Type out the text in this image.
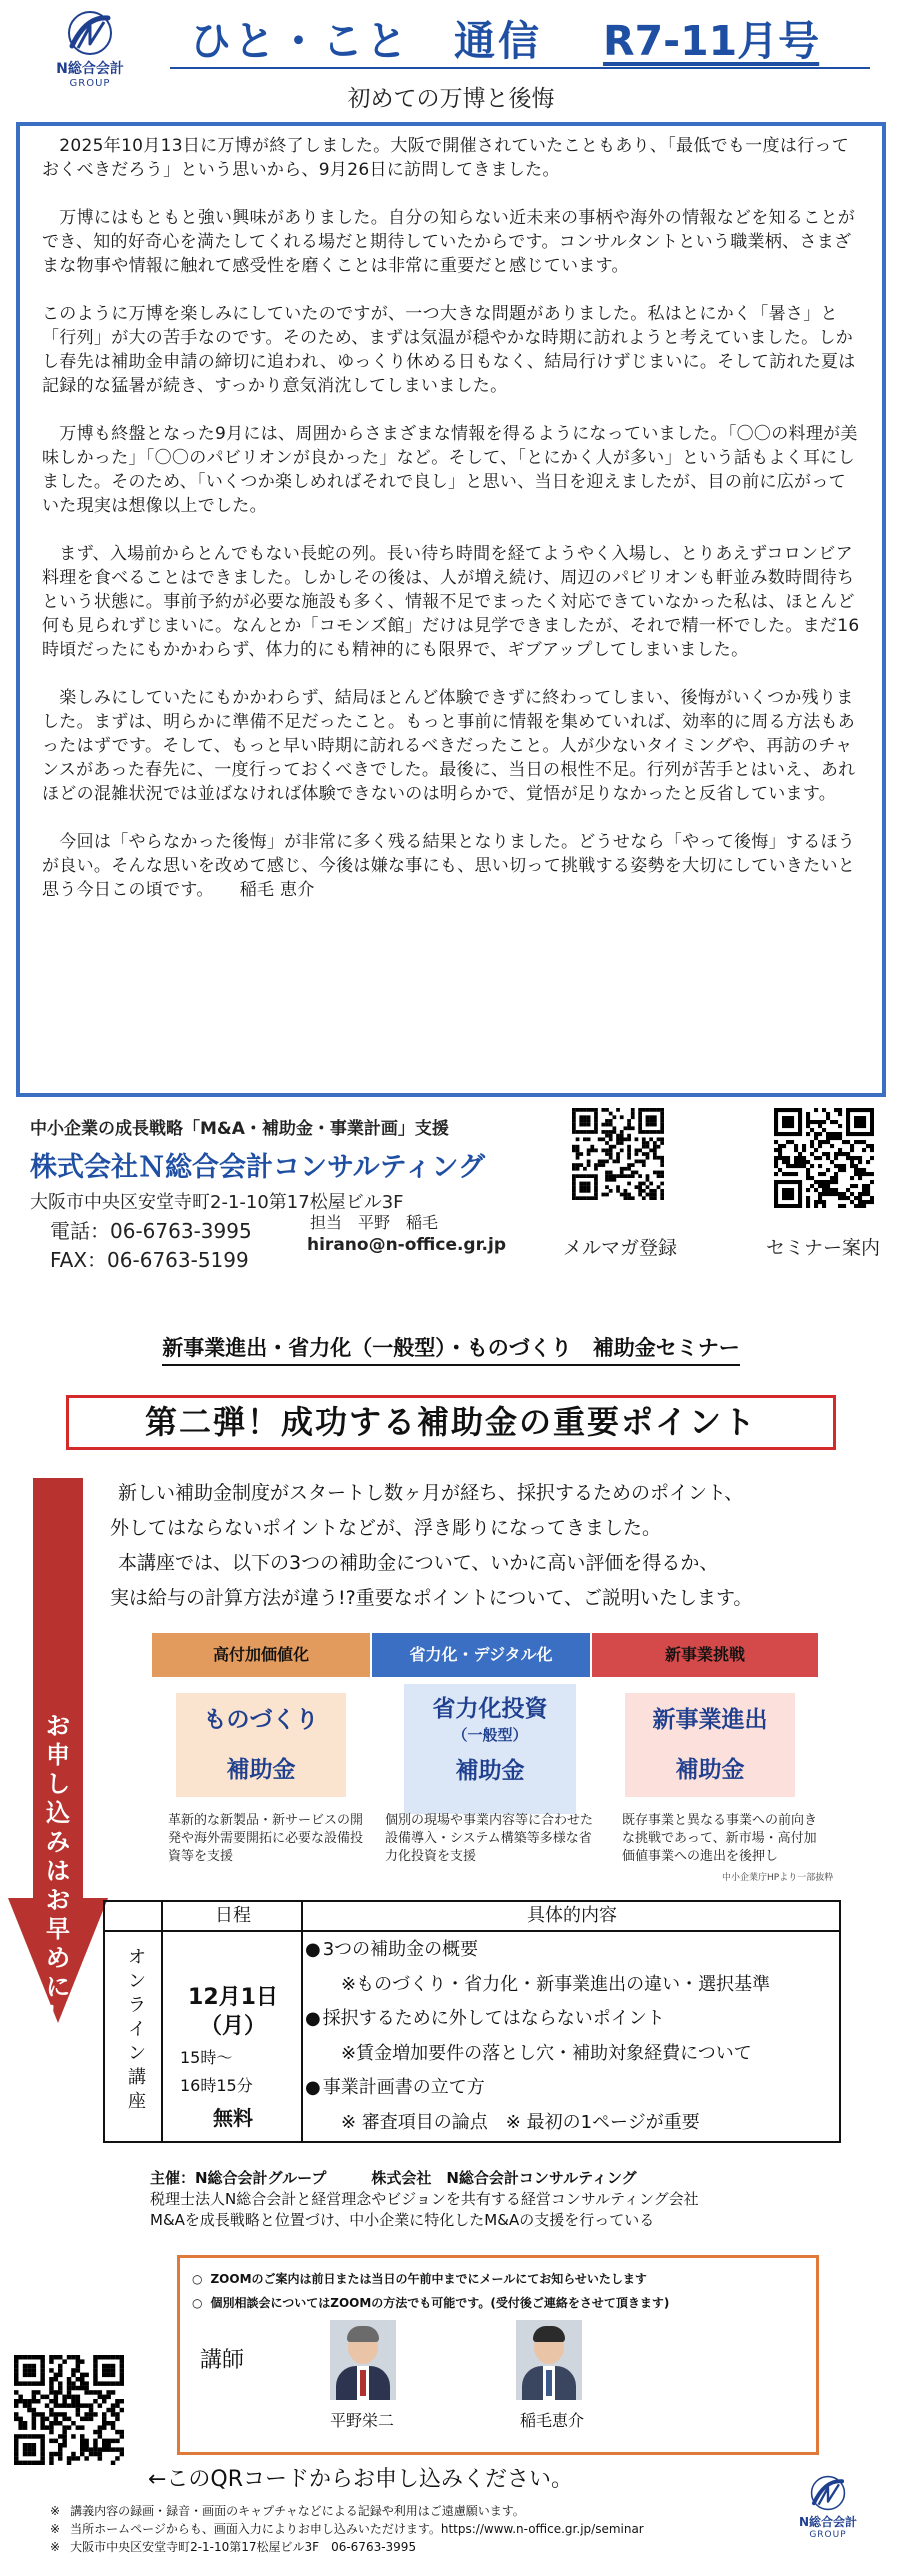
N総合会計
GROUP
ひと・こと　通信 R7-11月号
初めての万博と後悔

　2025年10月13日に万博が終了しました。大阪で開催されていたこともあり、「最低でも一度は行っておくべきだろう」という思いから、9月26日に訪問してきました。

　万博にはもともと強い興味がありました。自分の知らない近未来の事柄や海外の情報などを知ることができ、知的好奇心を満たしてくれる場だと期待していたからです。コンサルタントという職業柄、さまざまな物事や情報に触れて感受性を磨くことは非常に重要だと感じています。

このように万博を楽しみにしていたのですが、一つ大きな問題がありました。私はとにかく「暑さ」と「行列」が大の苦手なのです。そのため、まずは気温が穏やかな時期に訪れようと考えていました。しかし春先は補助金申請の締切に追われ、ゆっくり休める日もなく、結局行けずじまいに。そして訪れた夏は記録的な猛暑が続き、すっかり意気消沈してしまいました。

　万博も終盤となった9月には、周囲からさまざまな情報を得るようになっていました。「〇〇の料理が美味しかった」「〇〇のパビリオンが良かった」など。そして、「とにかく人が多い」という話もよく耳にしました。そのため、「いくつか楽しめればそれで良し」と思い、当日を迎えましたが、目の前に広がっていた現実は想像以上でした。

　まず、入場前からとんでもない長蛇の列。長い待ち時間を経てようやく入場し、とりあえずコロンビア料理を食べることはできました。しかしその後は、人が増え続け、周辺のパビリオンも軒並み数時間待ちという状態に。事前予約が必要な施設も多く、情報不足でまったく対応できていなかった私は、ほとんど何も見られずじまいに。なんとか「コモンズ館」だけは見学できましたが、それで精一杯でした。まだ16時頃だったにもかかわらず、体力的にも精神的にも限界で、ギブアップしてしまいました。

　楽しみにしていたにもかかわらず、結局ほとんど体験できずに終わってしまい、後悔がいくつか残りました。まずは、明らかに準備不足だったこと。もっと事前に情報を集めていれば、効率的に周る方法もあったはずです。そして、もっと早い時期に訪れるべきだったこと。人が少ないタイミングや、再訪のチャンスがあった春先に、一度行っておくべきでした。最後に、当日の根性不足。行列が苦手とはいえ、あれほどの混雑状況では並ばなければ体験できないのは明らかで、覚悟が足りなかったと反省しています。

　今回は「やらなかった後悔」が非常に多く残る結果となりました。どうせなら「やって後悔」するほうが良い。そんな思いを改めて感じ、今後は嫌な事にも、思い切って挑戦する姿勢を大切にしていきたいと思う今日この頃です。　　稲毛 恵介

中小企業の成長戦略「M&A・補助金・事業計画」支援
株式会社Ｎ総合会計コンサルティング
大阪市中央区安堂寺町2-1-10第17松屋ビル3F
電話：06-6763-3995
FAX：06-6763-5199
担当　平野　稲毛
hirano@n-office.gr.jp	メルマガ登録	セミナー案内
新事業進出・省力化（一般型）・ものづくり　補助金セミナー
第二弾！成功する補助金の重要ポイント
お
申
し
込
み
は
お
早
め
に
！

新しい補助金制度がスタートし数ヶ月が経ち、採択するためのポイント、

外してはならないポイントなどが、浮き彫りになってきました。

本講座では、以下の3つの補助金について、いかに高い評価を得るか、

実は給与の計算方法が違う!?重要なポイントについて、ご説明いたします。

高付加価値化	省力化・デジタル化	新事業挑戦
ものづくり
補助金
省力化投資
（一般型）
補助金
新事業進出
補助金
革新的な新製品・新サービスの開発や海外需要開拓に必要な設備投資等を支援
個別の現場や事業内容等に合わせた設備導入・システム構築等多様な省力化投資を支援
既存事業と異なる事業への前向きな挑戦であって、新市場・高付加価値事業への進出を後押し
中小企業庁HPより一部抜粋
日程	具体的内容
オ
ン
ラ
イ
ン
講
座
12月1日
（月）
15時～
16時15分
無料
● 3つの補助金の概要
※ものづくり・省力化・新事業進出の違い・選択基準
● 採択するために外してはならないポイント
※賃金増加要件の落とし穴・補助対象経費について
● 事業計画書の立て方
※ 審査項目の論点　※ 最初の1ページが重要

主催：N総合会計グループ　　　株式会社　N総合会計コンサルティング

税理士法人N総合会計と経営理念やビジョンを共有する経営コンサルティング会社

M&Aを成長戦略と位置づけ、中小企業に特化したM&Aの支援を行っている

○ ZOOMのご案内は前日または当日の午前中までにメールにてお知らせいたします
○ 個別相談会についてはZOOMの方法でも可能です。(受付後ご連絡をさせて頂きます)
講師
平野栄二	稲毛恵介
←このQRコードからお申し込みください。
※ 講義内容の録画・録音・画面のキャプチャなどによる記録や利用はご遠慮願います。
※ 当所ホームページからも、画面入力によりお申し込みいただけます。https://www.n-office.gr.jp/seminar
※ 大阪市中央区安堂寺町2-1-10第17松屋ビル3F　06-6763-3995
N総合会計
GROUP
